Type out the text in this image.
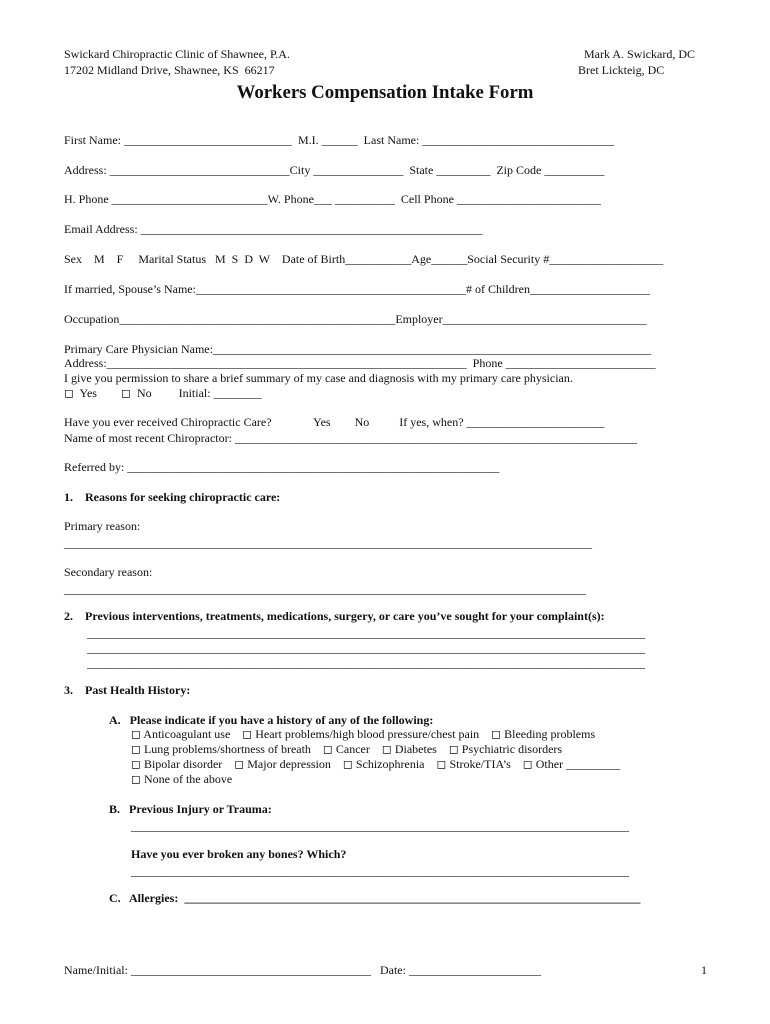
Swickard Chiropractic Clinic of Shawnee, P.A.
17202 Midland Drive, Shawnee, KS  66217
Mark A. Swickard, DC
Bret Lickteig, DC
Workers Compensation Intake Form
First Name: ____________________________  M.I. ______  Last Name: ________________________________
Address: ______________________________City _______________  State _________  Zip Code __________
H. Phone __________________________W. Phone___ __________  Cell Phone ________________________
Email Address: _________________________________________________________
Sex    M    F     Marital Status   M  S  D  W    Date of Birth___________Age______Social Security #___________________
If married, Spouse’s Name:_____________________________________________# of Children____________________
Occupation______________________________________________Employer__________________________________
Primary Care Physician Name:_________________________________________________________________________
Address:____________________________________________________________  Phone _________________________
I give you permission to share a brief summary of my case and diagnosis with my primary care physician.
◻  Yes        ◻  No         Initial: ________
Have you ever received Chiropractic Care?              Yes        No          If yes, when? _______________________
Name of most recent Chiropractor: ___________________________________________________________________
Referred by: ______________________________________________________________
1.    Reasons for seeking chiropractic care:
Primary reason:
________________________________________________________________________________________
Secondary reason:
_______________________________________________________________________________________
2.    Previous interventions, treatments, medications, surgery, or care you’ve sought for your complaint(s):
_____________________________________________________________________________________________
_____________________________________________________________________________________________
_____________________________________________________________________________________________
3.    Past Health History:
A.   Please indicate if you have a history of any of the following:
◻ Anticoagulant use    ◻ Heart problems/high blood pressure/chest pain    ◻ Bleeding problems
◻ Lung problems/shortness of breath    ◻ Cancer    ◻ Diabetes    ◻ Psychiatric disorders
◻ Bipolar disorder    ◻ Major depression    ◻ Schizophrenia    ◻ Stroke/TIA’s    ◻ Other _________
◻ None of the above
B.   Previous Injury or Trauma:
___________________________________________________________________________________
Have you ever broken any bones? Which?
___________________________________________________________________________________
C.   Allergies:  ____________________________________________________________________________
Name/Initial: ________________________________________   Date: ______________________	1
